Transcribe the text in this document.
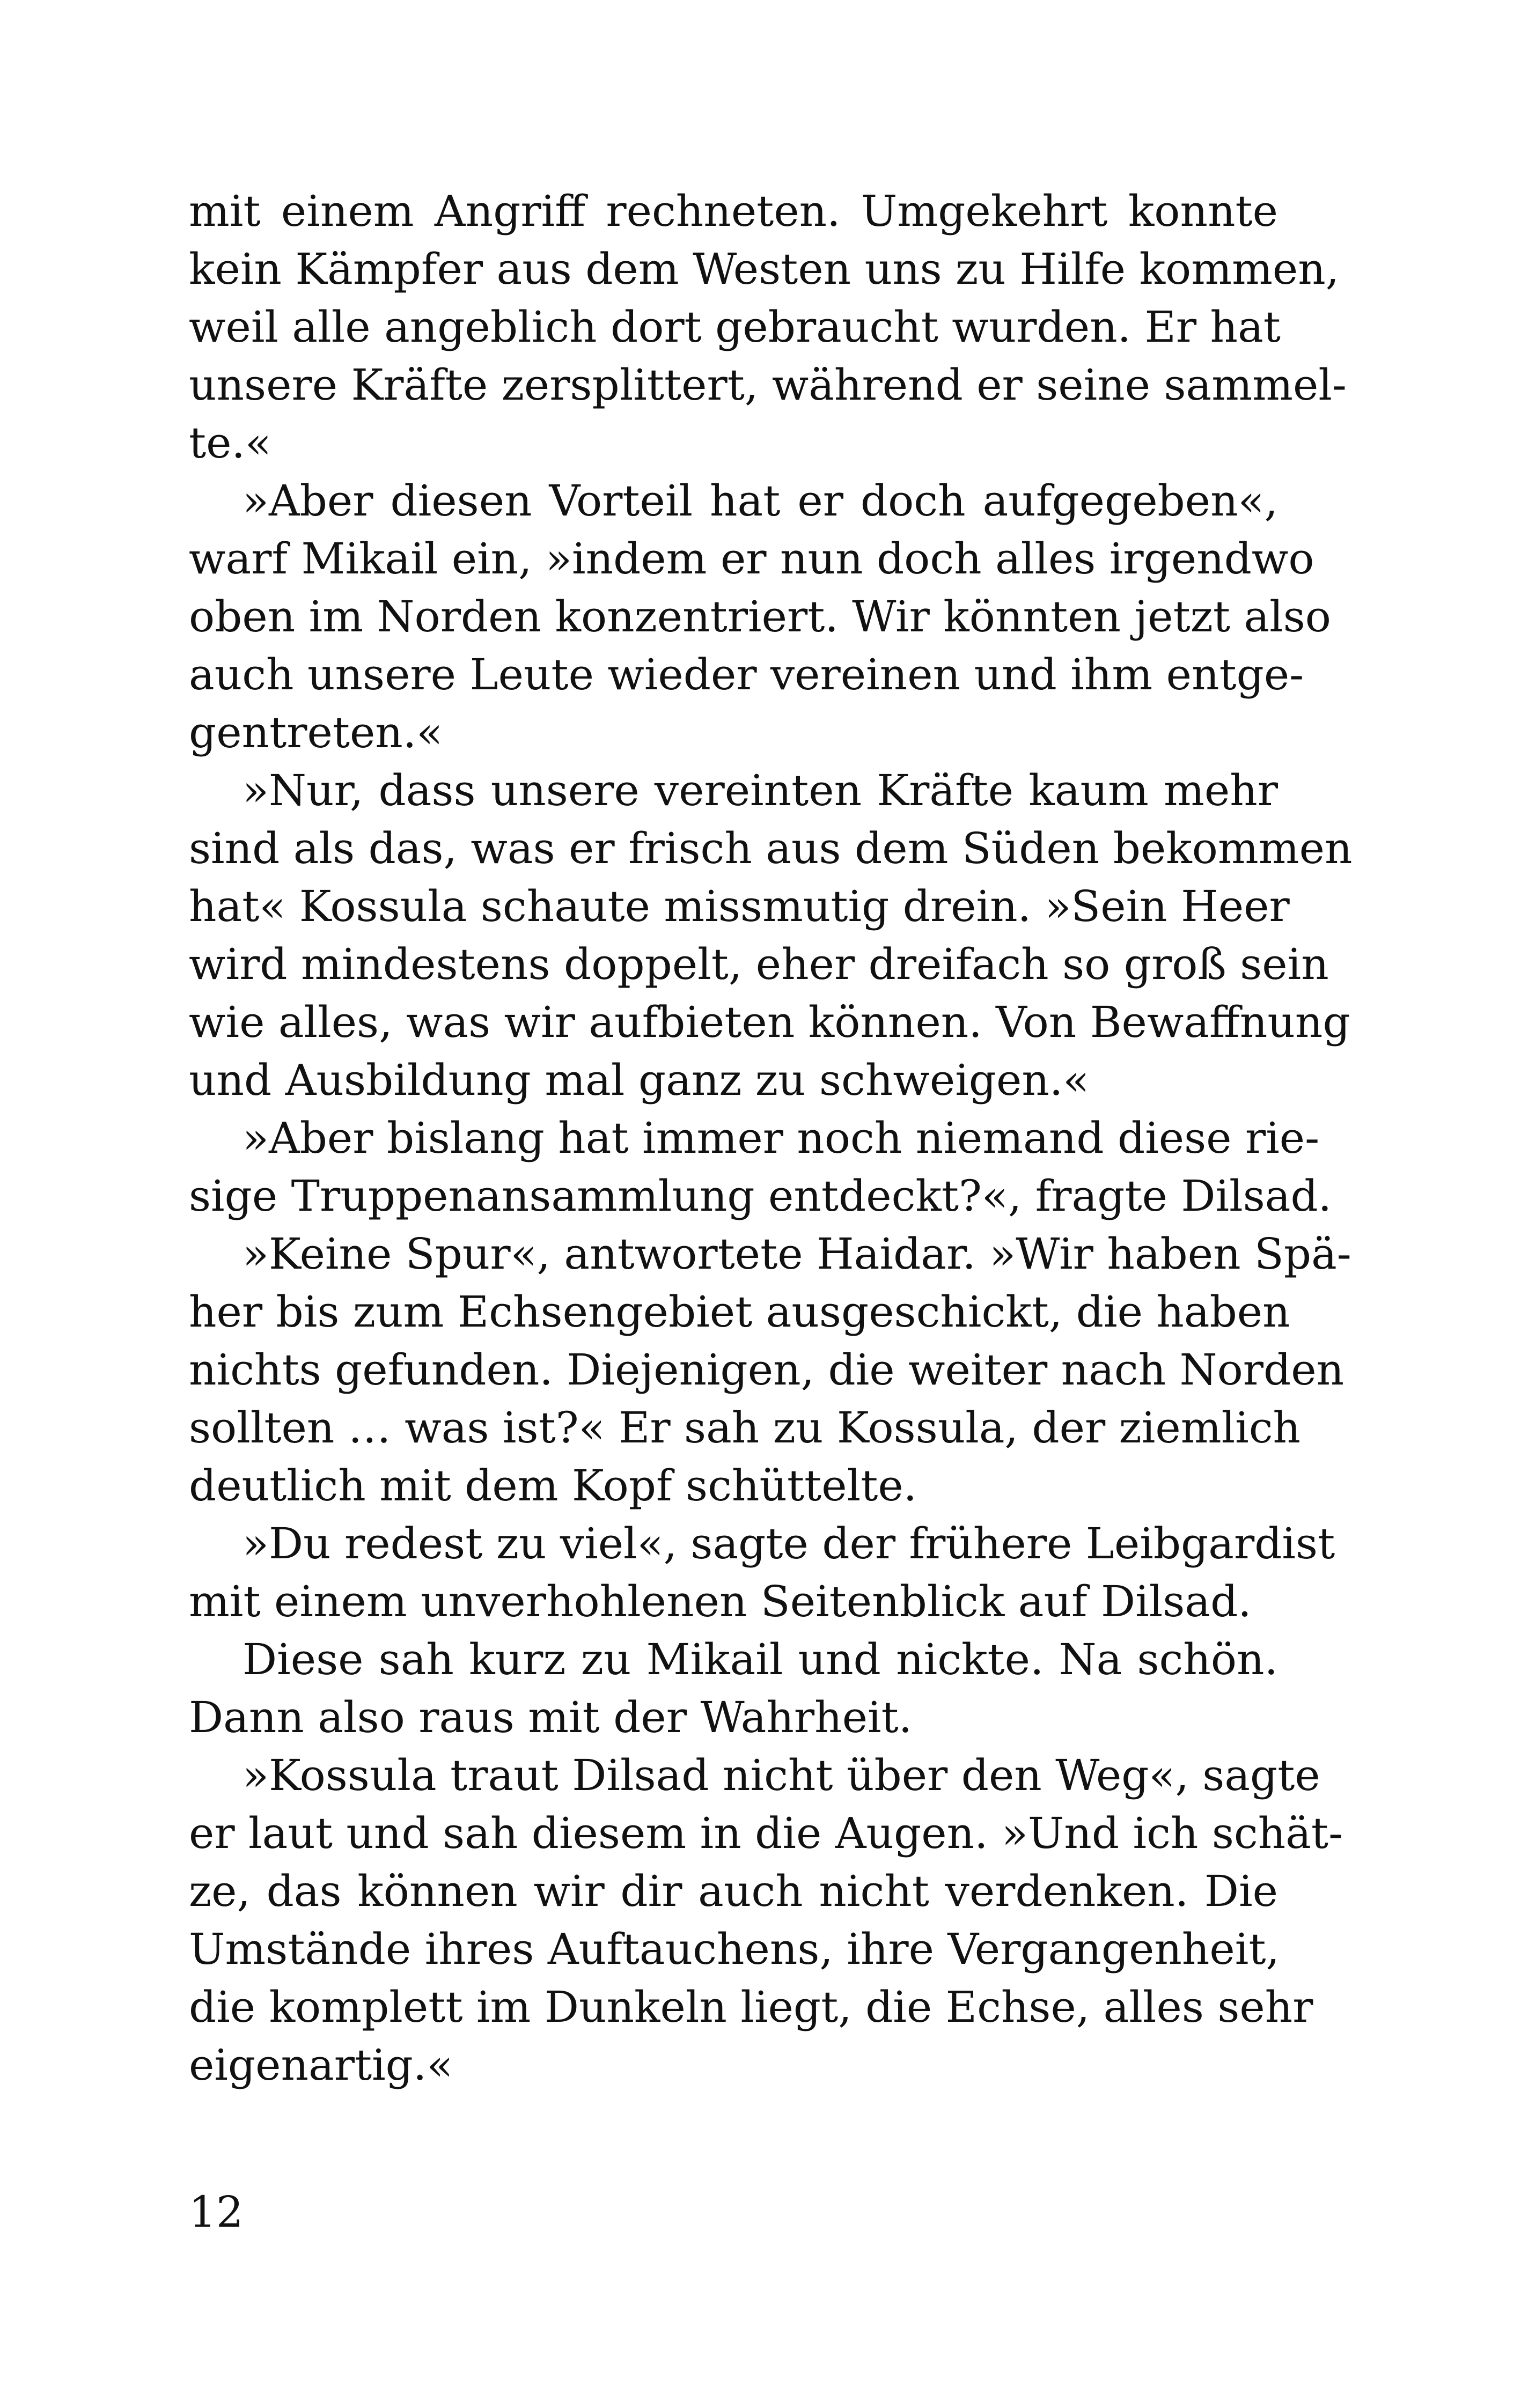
mit einem Angriff rechneten. Umgekehrt konnte
kein Kämpfer aus dem Westen uns zu Hilfe kommen,
weil alle angeblich dort gebraucht wurden. Er hat
unsere Kräfte zersplittert, während er seine sammel-
te.«
»Aber diesen Vorteil hat er doch aufgegeben«,
warf Mikail ein, »indem er nun doch alles irgendwo
oben im Norden konzentriert. Wir könnten jetzt also
auch unsere Leute wieder vereinen und ihm entge-
gentreten.«
»Nur, dass unsere vereinten Kräfte kaum mehr
sind als das, was er frisch aus dem Süden bekommen
hat« Kossula schaute missmutig drein. »Sein Heer
wird mindestens doppelt, eher dreifach so groß sein
wie alles, was wir aufbieten können. Von Bewaffnung
und Ausbildung mal ganz zu schweigen.«
»Aber bislang hat immer noch niemand diese rie-
sige Truppenansammlung entdeckt?«, fragte Dilsad.
»Keine Spur«, antwortete Haidar. »Wir haben Spä-
her bis zum Echsengebiet ausgeschickt, die haben
nichts gefunden. Diejenigen, die weiter nach Norden
sollten … was ist?« Er sah zu Kossula, der ziemlich
deutlich mit dem Kopf schüttelte.
»Du redest zu viel«, sagte der frühere Leibgardist
mit einem unverhohlenen Seitenblick auf Dilsad.
Diese sah kurz zu Mikail und nickte. Na schön.
Dann also raus mit der Wahrheit.
»Kossula traut Dilsad nicht über den Weg«, sagte
er laut und sah diesem in die Augen. »Und ich schät-
ze, das können wir dir auch nicht verdenken. Die
Umstände ihres Auftauchens, ihre Vergangenheit,
die komplett im Dunkeln liegt, die Echse, alles sehr
eigenartig.«
12
